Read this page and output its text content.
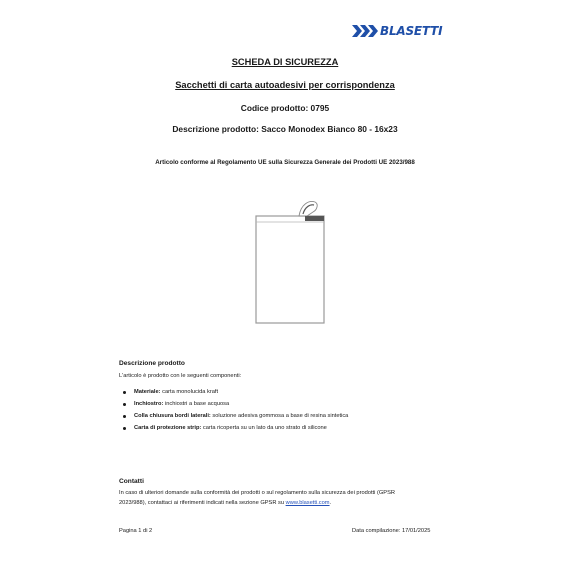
BLASETTI
SCHEDA DI SICUREZZA
Sacchetti di carta autoadesivi per corrispondenza
Codice prodotto: 0795
Descrizione prodotto: Sacco Monodex Bianco 80 - 16x23
Articolo conforme al Regolamento UE sulla Sicurezza Generale dei Prodotti UE 2023/988
Descrizione prodotto
L'articolo è prodotto con le seguenti componenti:
Materiale: carta monolucida kraft
Inchiostro: inchiostri a base acquosa
Colla chiusura bordi laterali: soluzione adesiva gommosa a base di resina sintetica
Carta di protezione strip: carta ricoperta su un lato da uno strato di silicone
Contatti
In caso di ulteriori domande sulla conformità dei prodotti o sul regolamento sulla sicurezza dei prodotti (GPSR
2023/988), contattaci ai riferimenti indicati nella sezione GPSR su www.blasetti.com.
Pagina 1 di 2	Data compilazione: 17/01/2025
